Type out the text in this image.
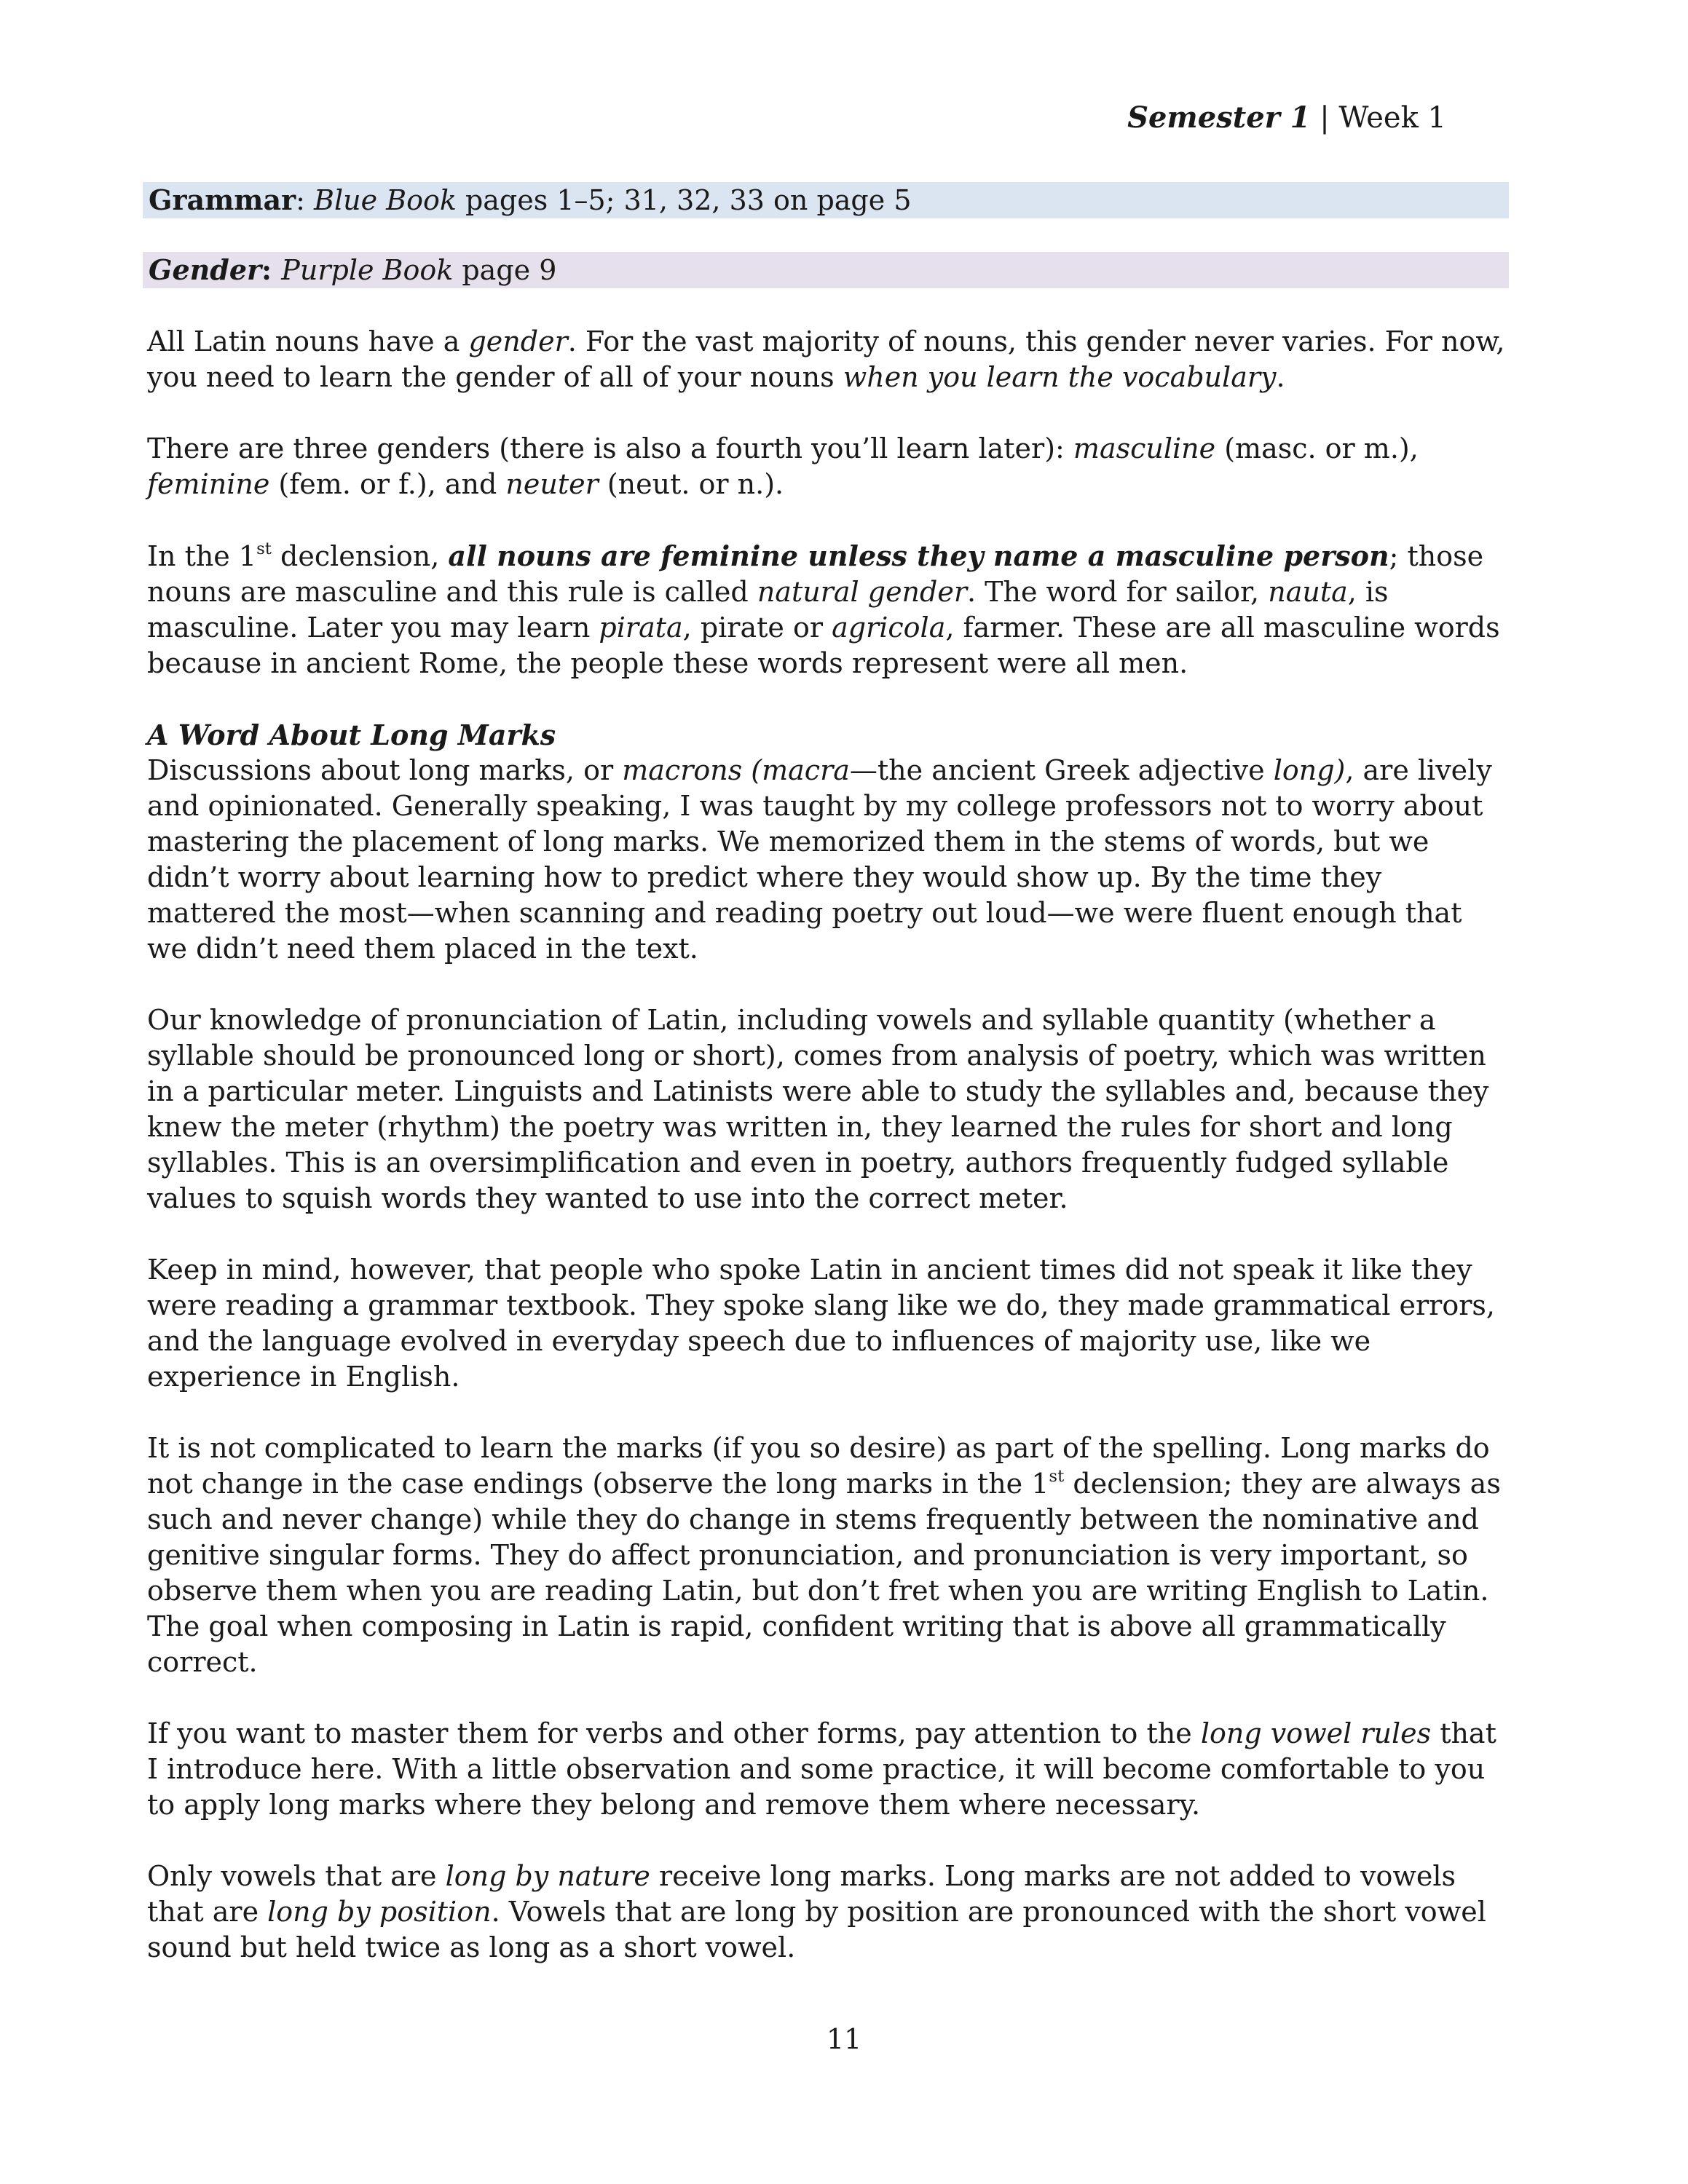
Semester 1 | Week 1
Grammar: Blue Book pages 1–5; 31, 32, 33 on page 5
Gender: Purple Book page 9

All Latin nouns have a gender. For the vast majority of nouns, this gender never varies. For now, you need to learn the gender of all of your nouns when you learn the vocabulary.

There are three genders (there is also a fourth you’ll learn later): masculine (masc. or m.), feminine (fem. or f.), and neuter (neut. or n.).

In the 1st declension, all nouns are feminine unless they name a masculine person; those nouns are masculine and this rule is called natural gender. The word for sailor, nauta, is masculine. Later you may learn pirata, pirate or agricola, farmer. These are all masculine words because in ancient Rome, the people these words represent were all men.

A Word About Long Marks

Discussions about long marks, or macrons (macra—the ancient Greek adjective long), are lively and opinionated. Generally speaking, I was taught by my college professors not to worry about mastering the placement of long marks. We memorized them in the stems of words, but we didn’t worry about learning how to predict where they would show up. By the time they mattered the most—when scanning and reading poetry out loud—we were fluent enough that we didn’t need them placed in the text.

Our knowledge of pronunciation of Latin, including vowels and syllable quantity (whether a syllable should be pronounced long or short), comes from analysis of poetry, which was written in a particular meter. Linguists and Latinists were able to study the syllables and, because they knew the meter (rhythm) the poetry was written in, they learned the rules for short and long syllables. This is an oversimplification and even in poetry, authors frequently fudged syllable values to squish words they wanted to use into the correct meter.

Keep in mind, however, that people who spoke Latin in ancient times did not speak it like they were reading a grammar textbook. They spoke slang like we do, they made grammatical errors, and the language evolved in everyday speech due to influences of majority use, like we experience in English.

It is not complicated to learn the marks (if you so desire) as part of the spelling. Long marks do not change in the case endings (observe the long marks in the 1st declension; they are always as such and never change) while they do change in stems frequently between the nominative and genitive singular forms. They do affect pronunciation, and pronunciation is very important, so observe them when you are reading Latin, but don’t fret when you are writing English to Latin. The goal when composing in Latin is rapid, confident writing that is above all grammatically correct.

If you want to master them for verbs and other forms, pay attention to the long vowel rules that I introduce here. With a little observation and some practice, it will become comfortable to you to apply long marks where they belong and remove them where necessary.

Only vowels that are long by nature receive long marks. Long marks are not added to vowels that are long by position. Vowels that are long by position are pronounced with the short vowel sound but held twice as long as a short vowel.

11
